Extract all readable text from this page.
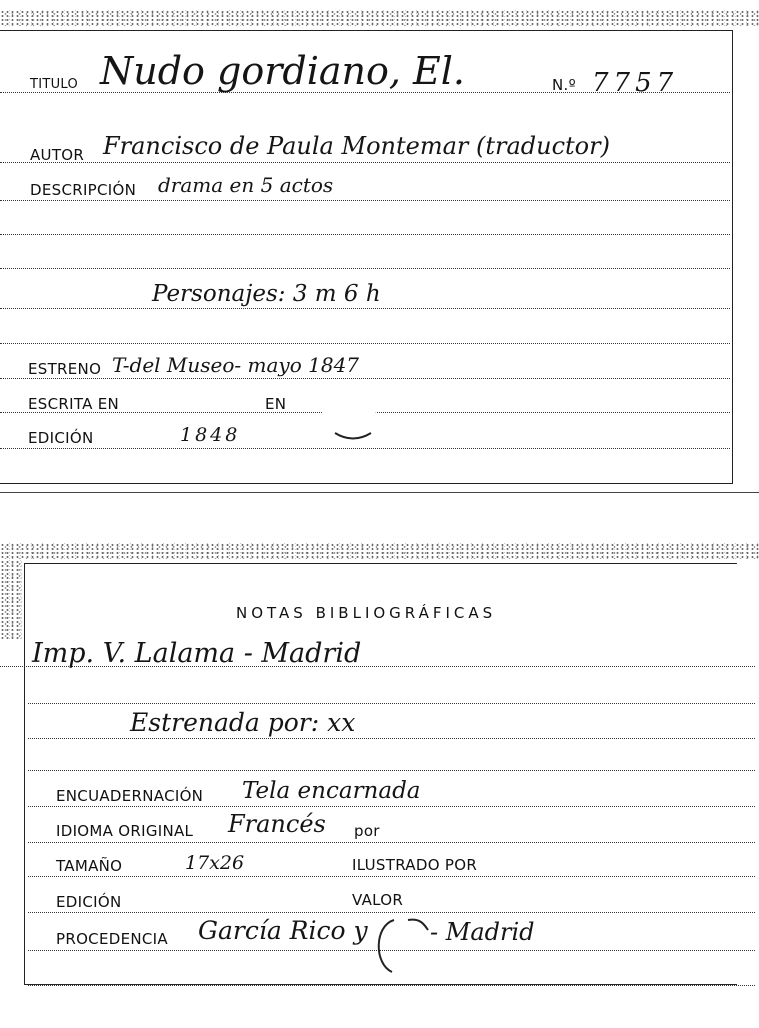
TITULO Nudo gordiano, El.	N.º 7757
AUTOR Francisco de Paula Montemar (traductor)
DESCRIPCIÓN drama en 5 actos
Personajes: 3 m 6 h
ESTRENO T-del Museo- mayo 1847
ESCRITA EN	EN
EDICIÓN	1848
NOTAS BIBLIOGRÁFICAS
Imp. V. Lalama - Madrid
Estrenada por: xx
ENCUADERNACIÓN Tela encarnada
IDIOMA ORIGINAL Francés por
TAMAÑO	17x26	ILUSTRADO POR
EDICIÓN	VALOR
PROCEDENCIA García Rico y	- Madrid
